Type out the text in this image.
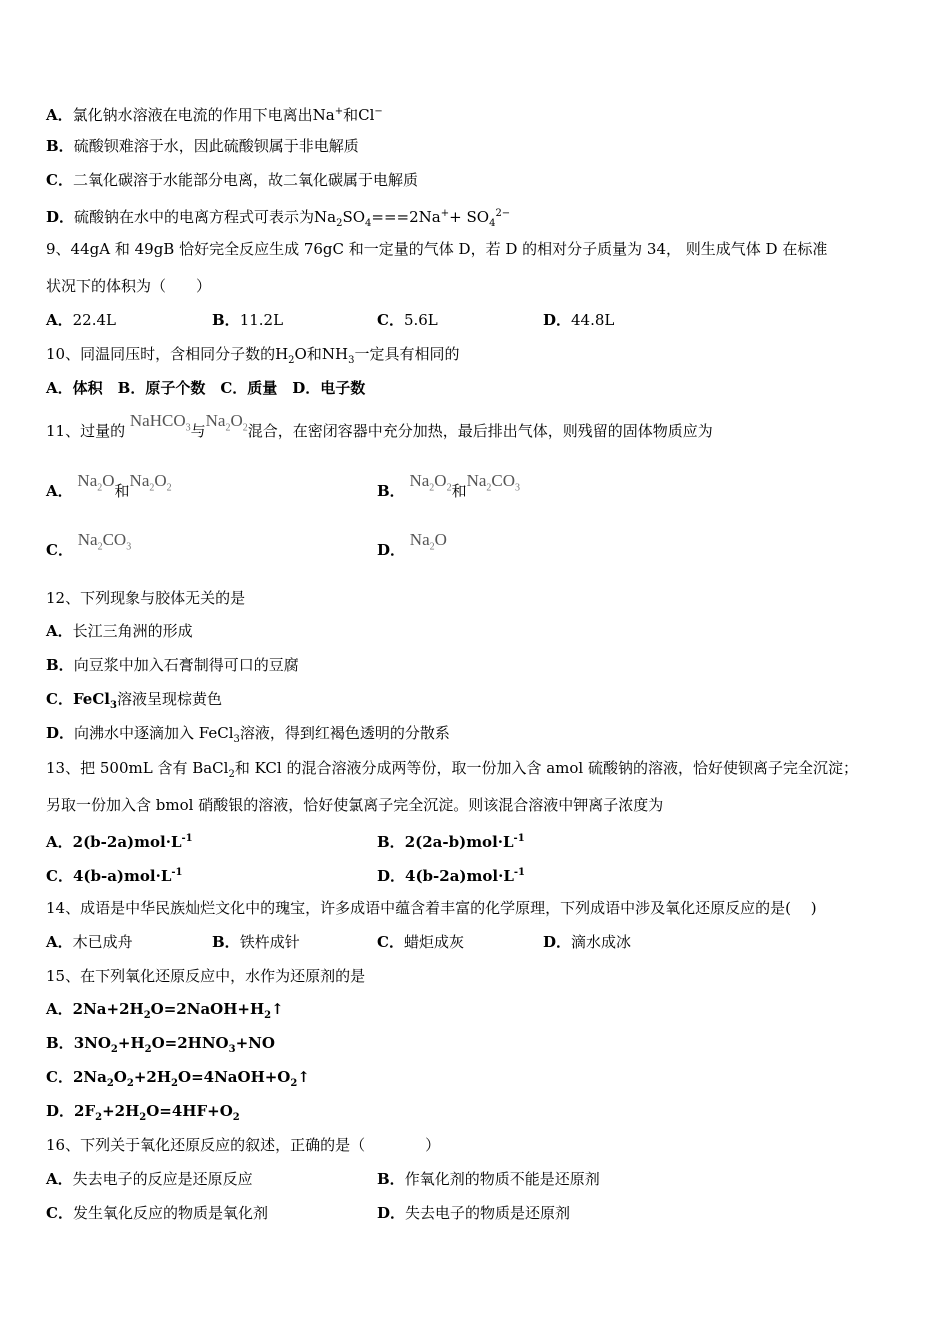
A．氯化钠水溶液在电流的作用下电离出Na+和Cl−
B．硫酸钡难溶于水，因此硫酸钡属于非电解质
C．二氧化碳溶于水能部分电离，故二氧化碳属于电解质
D．硫酸钠在水中的电离方程式可表示为$Na_2SO_4===2Na^++ SO_4^{2-}$
9、44gA 和 49gB 恰好完全反应生成 76gC 和一定量的气体 D，若 D 的相对分子质量为 34， 则生成气体 D 在标准
状况下的体积为（　　）
A．22.4L	B．11.2L	C．5.6L	D．44.8L
10、同温同压时，含相同分子数的$H_2O$和$NH_3$一定具有相同的
A．体积　B．原子个数　C．质量　D．电子数
11、过量的 NaHCO$_3$与$Na_2O_2$混合，在密闭容器中充分加热，最后排出气体，则残留的固体物质应为
A． $Na_2O$和$Na_2O_2$	B． $Na_2O_2$和$Na_2CO_3$
C． $Na_2CO_3$	D． $Na_2O$
12、下列现象与胶体无关的是
A．长江三角洲的形成
B．向豆浆中加入石膏制得可口的豆腐
C．FeCl$_3$溶液呈现棕黄色
D．向沸水中逐滴加入 FeCl$_3$溶液，得到红褐色透明的分散系
13、把 500mL 含有 BaCl$_2$和 KCl 的混合溶液分成两等份，取一份加入含 amol 硫酸钠的溶液，恰好使钡离子完全沉淀；
另取一份加入含 bmol 硝酸银的溶液，恰好使氯离子完全沉淀。则该混合溶液中钾离子浓度为
A．$2(b-2a)mol\cdot L^{-1}$	B．$2(2a-b)mol\cdot L^{-1}$
C．$4(b-a)mol\cdot L^{-1}$	D．$4(b-2a)mol\cdot L^{-1}$
14、成语是中华民族灿烂文化中的瑰宝，许多成语中蕴含着丰富的化学原理，下列成语中涉及氧化还原反应的是(　 )
A．木已成舟	B．铁杵成针	C．蜡炬成灰	D．滴水成冰
15、在下列氧化还原反应中，水作为还原剂的是
A．$2Na+2H_2O=2NaOH+H_2↑$
B．$3NO_2+H_2O=2HNO_3+NO$
C．$2Na_2O_2+2H_2O=4NaOH+O_2↑$
D．$2F_2+2H_2O=4HF+O_2$
16、下列关于氧化还原反应的叙述，正确的是（　　　　）
A．失去电子的反应是还原反应	B．作氧化剂的物质不能是还原剂
C．发生氧化反应的物质是氧化剂	D．失去电子的物质是还原剂
